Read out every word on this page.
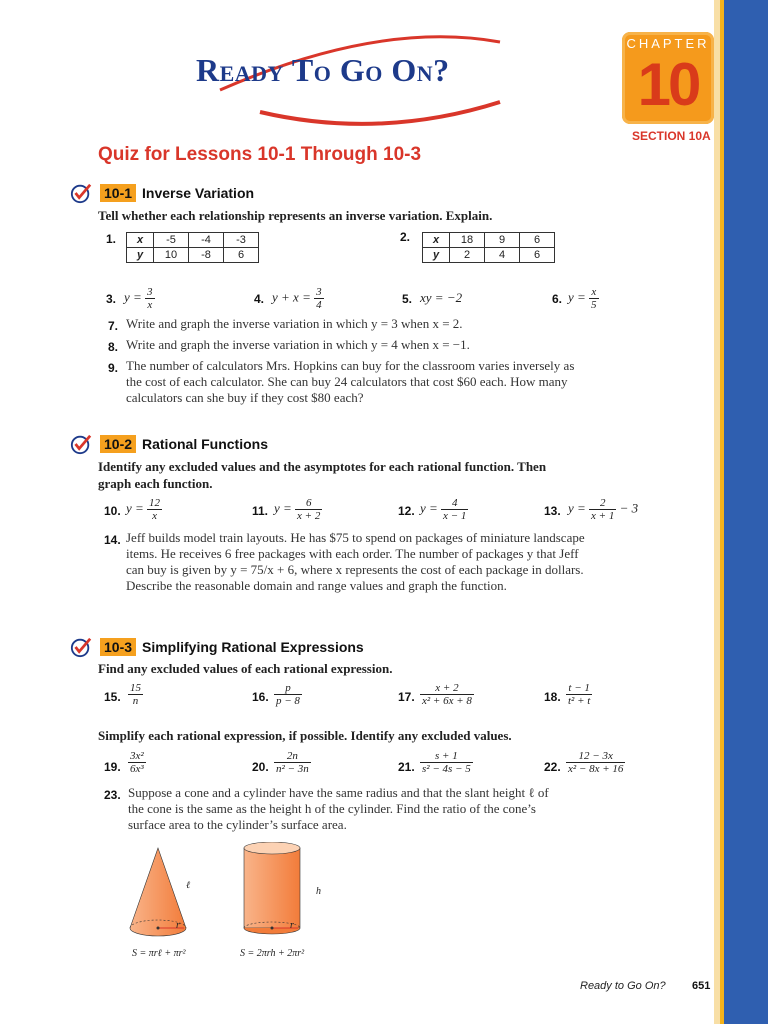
Ready To Go On?
CHAPTER
10
SECTION 10A
Quiz for Lessons 10-1 Through 10-3
10-1 Inverse Variation
Tell whether each relationship represents an inverse variation. Explain.
1. x	-5	-4	-3
y	10	-8	6
2. x	18	9	6
y	2	4	6
3. $y = \frac{3}{x}$	4. $y + x = \frac{3}{4}$	5. xy = −2	6. $y = \frac{x}{5}$
7. Write and graph the inverse variation in which y = 3 when x = 2.
8. Write and graph the inverse variation in which y = 4 when x = −1.
9. The number of calculators Mrs. Hopkins can buy for the classroom varies inversely as the cost of each calculator. She can buy 24 calculators that cost $60 each. How many calculators can she buy if they cost $80 each?
10-2 Rational Functions
Identify any excluded values and the asymptotes for each rational function. Then graph each function.
10. $y = \frac{12}{x}$	11. $y = \frac{6}{x + 2}$	12. $y = \frac{4}{x - 1}$	13. $y = \frac{2}{x + 1} - 3$
14. Jeff builds model train layouts. He has $75 to spend on packages of miniature landscape items. He receives 6 free packages with each order. The number of packages y that Jeff can buy is given by y = 75/x + 6, where x represents the cost of each package in dollars. Describe the reasonable domain and range values and graph the function.
10-3 Simplifying Rational Expressions
Find any excluded values of each rational expression.
15. $\frac{15}{n}$	16. $\frac{p}{p - 8}$	17. $\frac{x + 2}{\text{x² + 6x + 8}}$	18. $\frac{t - 1}{\text{t² + t}}$
Simplify each rational expression, if possible. Identify any excluded values.
19. $\frac{\text{3x²}}{\text{6x³}}$	20. $\frac{2n}{\text{n² − 3n}}$	21. $\frac{s + 1}{\text{s² − 4s − 5}}$	22. $\frac{12 - 3x}{\text{x² − 8x + 16}}$
23. Suppose a cone and a cylinder have the same radius and that the slant height ℓ of the cone is the same as the height h of the cylinder. Find the ratio of the cone’s surface area to the cylinder’s surface area.
ℓ
r
S = πrℓ + πr²
h
r
S = 2πrh + 2πr²
Ready to Go On? 651
